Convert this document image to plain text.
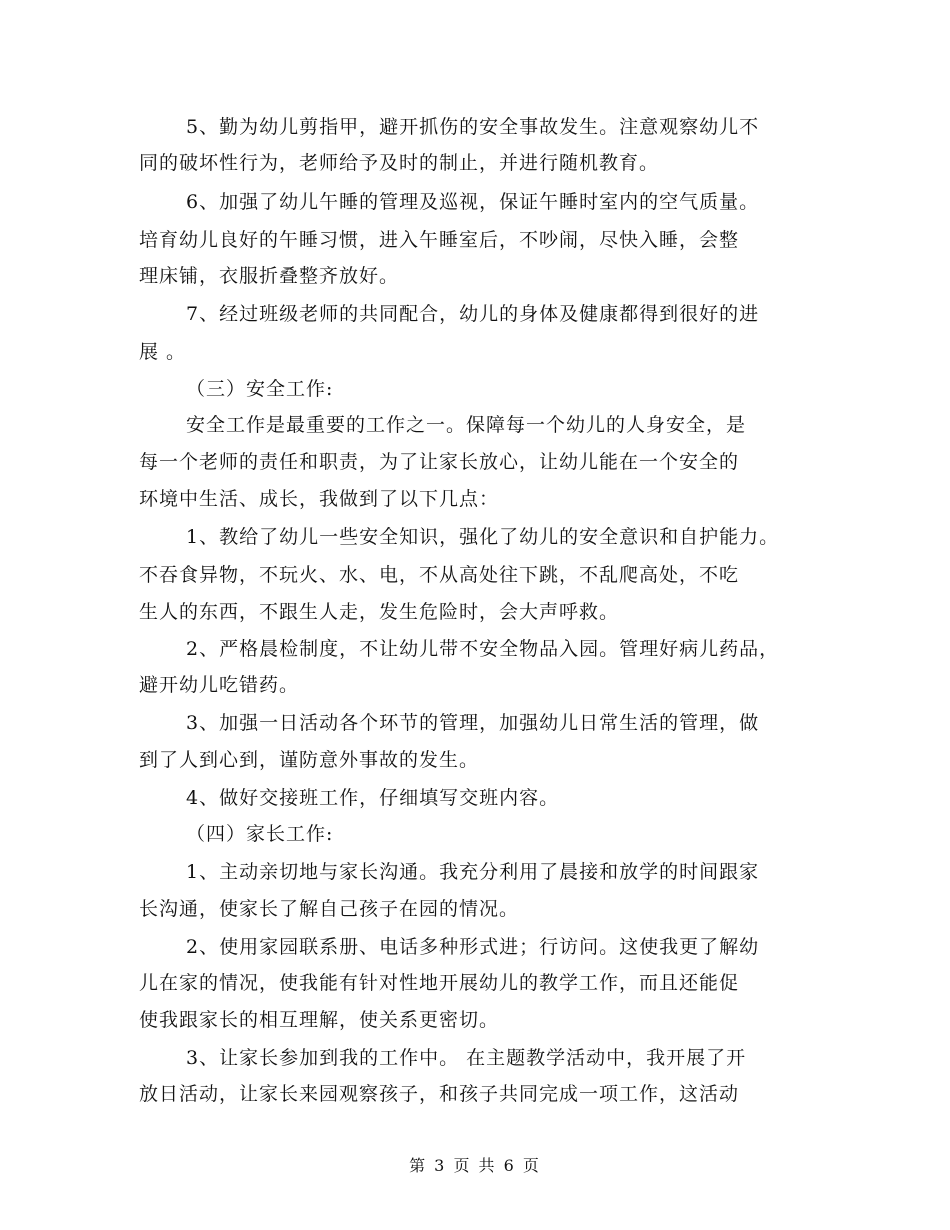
5、勤为幼儿剪指甲，避开抓伤的安全事故发生。注意观察幼儿不
同的破坏性行为，老师给予及时的制止，并进行随机教育。
6、加强了幼儿午睡的管理及巡视，保证午睡时室内的空气质量。
培育幼儿良好的午睡习惯，进入午睡室后，不吵闹，尽快入睡，会整
理床铺，衣服折叠整齐放好。
7、经过班级老师的共同配合，幼儿的身体及健康都得到很好的进
展 。
（三）安全工作:
安全工作是最重要的工作之一。保障每一个幼儿的人身安全，是
每一个老师的责任和职责，为了让家长放心，让幼儿能在一个安全的
环境中生活、成长，我做到了以下几点：
1、教给了幼儿一些安全知识，强化了幼儿的安全意识和自护能力。
不吞食异物，不玩火、水、电，不从高处往下跳，不乱爬高处，不吃
生人的东西，不跟生人走，发生危险时，会大声呼救。
2、严格晨检制度，不让幼儿带不安全物品入园。管理好病儿药品，
避开幼儿吃错药。
3、加强一日活动各个环节的管理，加强幼儿日常生活的管理，做
到了人到心到，谨防意外事故的发生。
4、做好交接班工作，仔细填写交班内容。
（四）家长工作:
1、主动亲切地与家长沟通。我充分利用了晨接和放学的时间跟家
长沟通，使家长了解自己孩子在园的情况。
2、使用家园联系册、电话多种形式进；行访问。这使我更了解幼
儿在家的情况，使我能有针对性地开展幼儿的教学工作，而且还能促
使我跟家长的相互理解，使关系更密切。
3、让家长参加到我的工作中。 在主题教学活动中，我开展了开
放日活动，让家长来园观察孩子，和孩子共同完成一项工作，这活动
第 3 页 共 6 页
